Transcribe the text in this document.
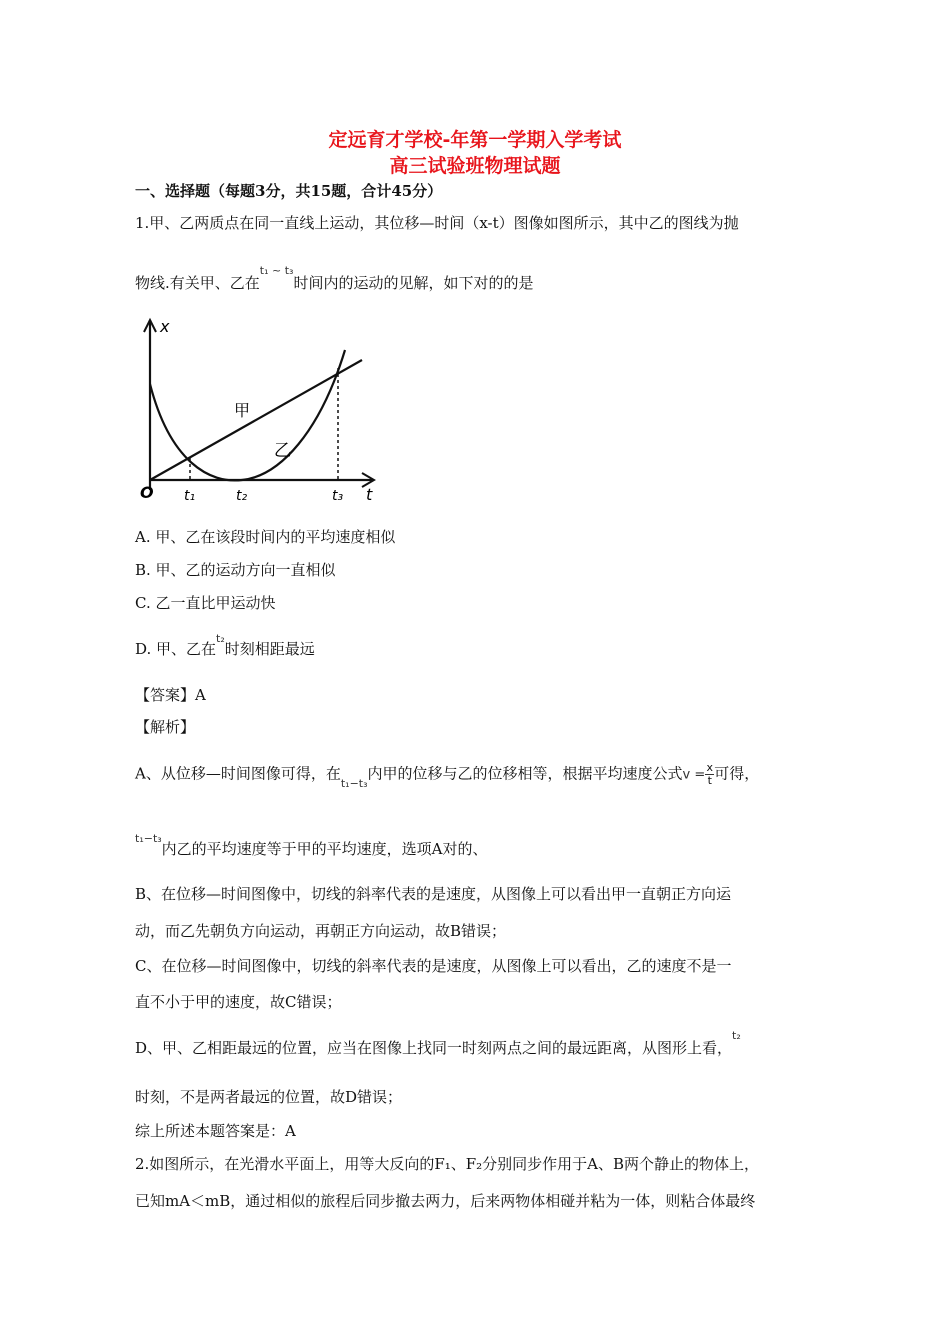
定远育才学校-年第一学期入学考试
高三试验班物理试题
一、选择题（每题3分，共15题，合计45分）
1.甲、乙两质点在同一直线上运动，其位移—时间（x-t）图像如图所示，其中乙的图线为抛
物线.有关甲、乙在$^{t_1 \sim t_3}$时间内的运动的见解，如下对的的是
x
t
O
甲
乙
t₁	t₂	t₃
A. 甲、乙在该段时间内的平均速度相似
B. 甲、乙的运动方向一直相似
C. 乙一直比甲运动快
D. 甲、乙在$^{t_2}$时刻相距最远
【答案】A
【解析】
A、从位移—时间图像可得，在$_{t_1-t_3}$内甲的位移与乙的位移相等，根据平均速度公式$v =\frac{x}{t}$可得，
$^{t_1-t_3}$内乙的平均速度等于甲的平均速度，选项A对的、
B、在位移—时间图像中，切线的斜率代表的是速度，从图像上可以看出甲一直朝正方向运
动，而乙先朝负方向运动，再朝正方向运动，故B错误；
C、在位移—时间图像中，切线的斜率代表的是速度，从图像上可以看出，乙的速度不是一
直不小于甲的速度，故C错误；
D、甲、乙相距最远的位置，应当在图像上找同一时刻两点之间的最远距离，从图形上看，$^{t_2}$
时刻，不是两者最远的位置，故D错误；
综上所述本题答案是：A
2.如图所示，在光滑水平面上，用等大反向的F₁、F₂分别同步作用于A、B两个静止的物体上，
已知mA＜mB，通过相似的旅程后同步撤去两力，后来两物体相碰并粘为一体，则粘合体最终
